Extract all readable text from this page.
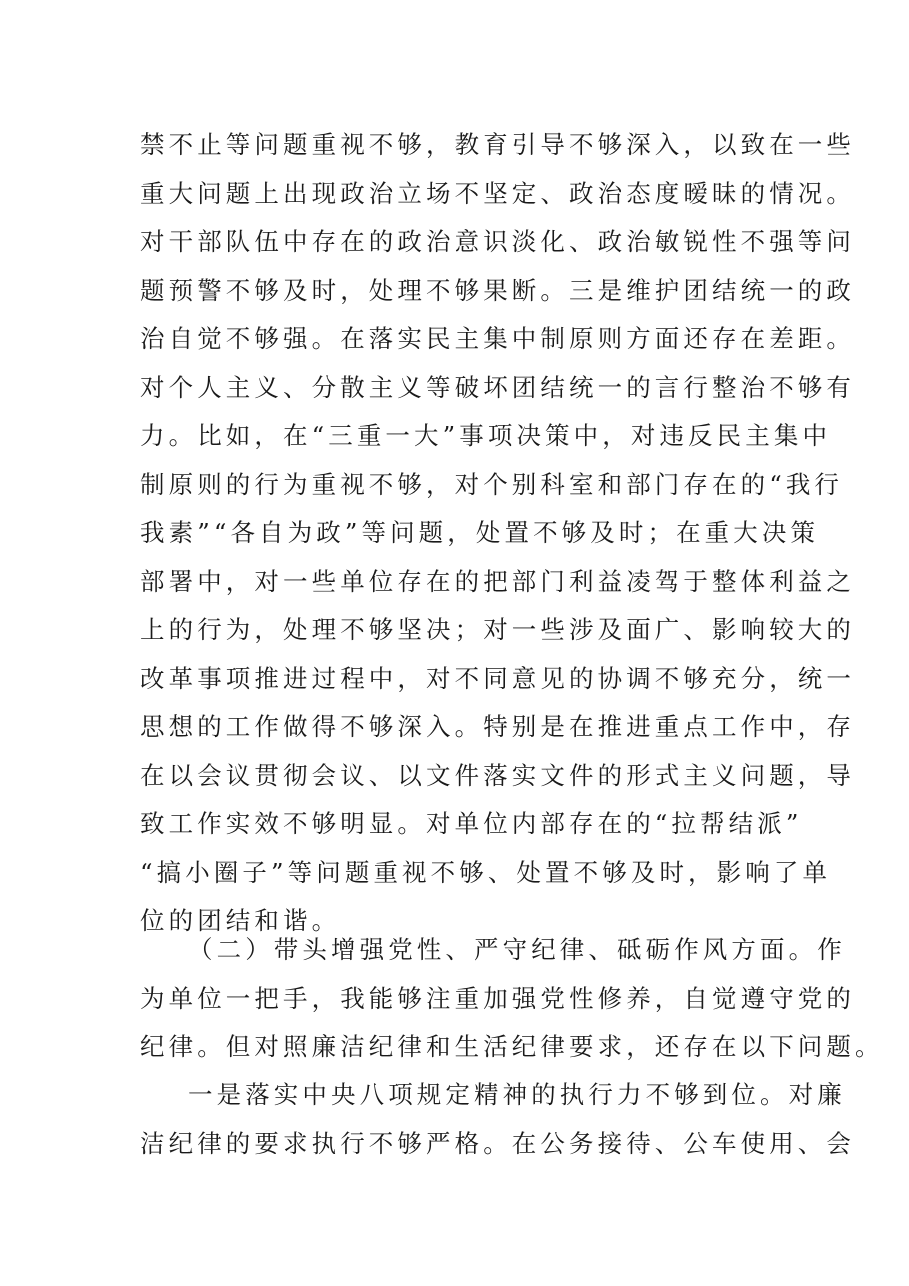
禁不止等问题重视不够，教育引导不够深入，以致在一些
重大问题上出现政治立场不坚定、政治态度暧昧的情况。
对干部队伍中存在的政治意识淡化、政治敏锐性不强等问
题预警不够及时，处理不够果断。三是维护团结统一的政
治自觉不够强。在落实民主集中制原则方面还存在差距。
对个人主义、分散主义等破坏团结统一的言行整治不够有
力。比如，在“三重一大”事项决策中，对违反民主集中
制原则的行为重视不够，对个别科室和部门存在的“我行
我素”“各自为政”等问题，处置不够及时；在重大决策
部署中，对一些单位存在的把部门利益凌驾于整体利益之
上的行为，处理不够坚决；对一些涉及面广、影响较大的
改革事项推进过程中，对不同意见的协调不够充分，统一
思想的工作做得不够深入。特别是在推进重点工作中，存
在以会议贯彻会议、以文件落实文件的形式主义问题，导
致工作实效不够明显。对单位内部存在的“拉帮结派”
“搞小圈子”等问题重视不够、处置不够及时，影响了单
位的团结和谐。
（二）带头增强党性、严守纪律、砥砺作风方面。作
为单位一把手，我能够注重加强党性修养，自觉遵守党的
纪律。但对照廉洁纪律和生活纪律要求，还存在以下问题。
一是落实中央八项规定精神的执行力不够到位。对廉
洁纪律的要求执行不够严格。在公务接待、公车使用、会
